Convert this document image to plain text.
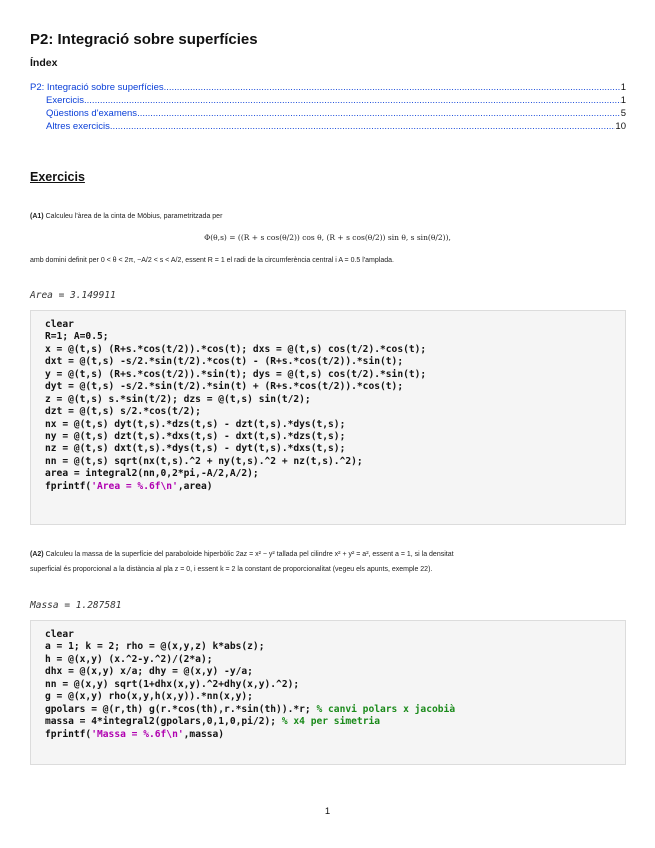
P2: Integració sobre superfícies
Índex
P2: Integració sobre superfícies .....	1
Exercicis .....	1
Qüestions d'examens .....	5
Altres exercicis .....	10
Exercicis
(A1) Calculeu l'àrea de la cinta de Möbius, parametritzada per
Φ(θ,s) = ((R + s cos(θ/2)) cos θ, (R + s cos(θ/2)) sin θ, s sin(θ/2)),
amb domini definit per 0 < θ < 2π, −A/2 < s < A/2, essent R = 1 el radi de la circumferència central i A = 0.5 l'amplada.
Area = 3.149911
clear
R=1; A=0.5;
x = @(t,s) (R+s.*cos(t/2)).*cos(t); dxs = @(t,s) cos(t/2).*cos(t);
dxt = @(t,s) -s/2.*sin(t/2).*cos(t) - (R+s.*cos(t/2)).*sin(t);
y = @(t,s) (R+s.*cos(t/2)).*sin(t); dys = @(t,s) cos(t/2).*sin(t);
dyt = @(t,s) -s/2.*sin(t/2).*sin(t) + (R+s.*cos(t/2)).*cos(t);
z = @(t,s) s.*sin(t/2); dzs = @(t,s) sin(t/2);
dzt = @(t,s) s/2.*cos(t/2);
nx = @(t,s) dyt(t,s).*dzs(t,s) - dzt(t,s).*dys(t,s);
ny = @(t,s) dzt(t,s).*dxs(t,s) - dxt(t,s).*dzs(t,s);
nz = @(t,s) dxt(t,s).*dys(t,s) - dyt(t,s).*dxs(t,s);
nn = @(t,s) sqrt(nx(t,s).^2 + ny(t,s).^2 + nz(t,s).^2);
area = integral2(nn,0,2*pi,-A/2,A/2);
fprintf('Area = %.6f\n',area)
(A2) Calculeu la massa de la superfície del paraboloide hiperbòlic 2az = x² − y² tallada pel cilindre x² + y² = a², essent a = 1, si la densitat
superficial és proporcional a la distància al pla z = 0, i essent k = 2 la constant de proporcionalitat (vegeu els apunts, exemple 22).
Massa = 1.287581
clear
a = 1; k = 2; rho = @(x,y,z) k*abs(z);
h = @(x,y) (x.^2-y.^2)/(2*a);
dhx = @(x,y) x/a; dhy = @(x,y) -y/a;
nn = @(x,y) sqrt(1+dhx(x,y).^2+dhy(x,y).^2);
g = @(x,y) rho(x,y,h(x,y)).*nn(x,y);
gpolars = @(r,th) g(r.*cos(th),r.*sin(th)).*r; % canvi polars x jacobià
massa = 4*integral2(gpolars,0,1,0,pi/2); % x4 per simetria
fprintf('Massa = %.6f\n',massa)
1
